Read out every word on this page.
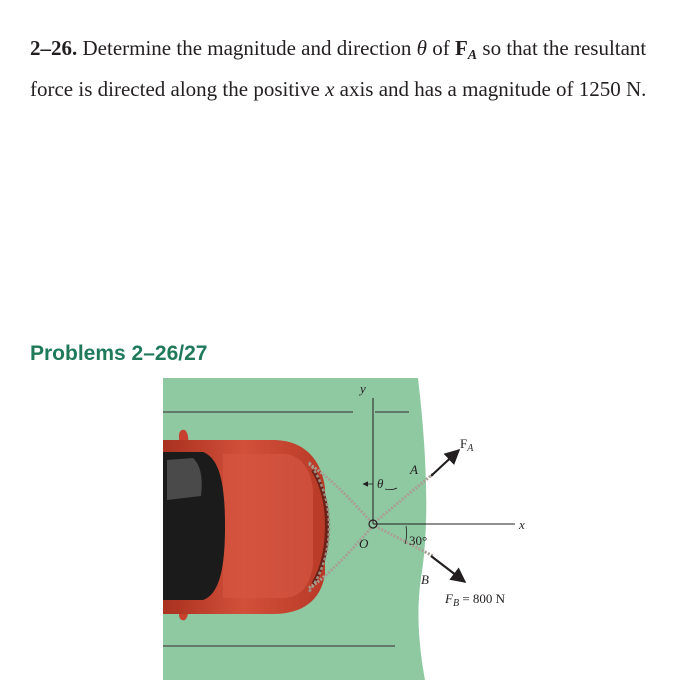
2–26. Determine the magnitude and direction θ of $F_A$ so that the resultant force is directed along the positive x axis and has a magnitude of 1250 N.

Problems 2–26/27

y
x
θ
30°
A
O
B
$F_A$
$F_B = 800$ N
